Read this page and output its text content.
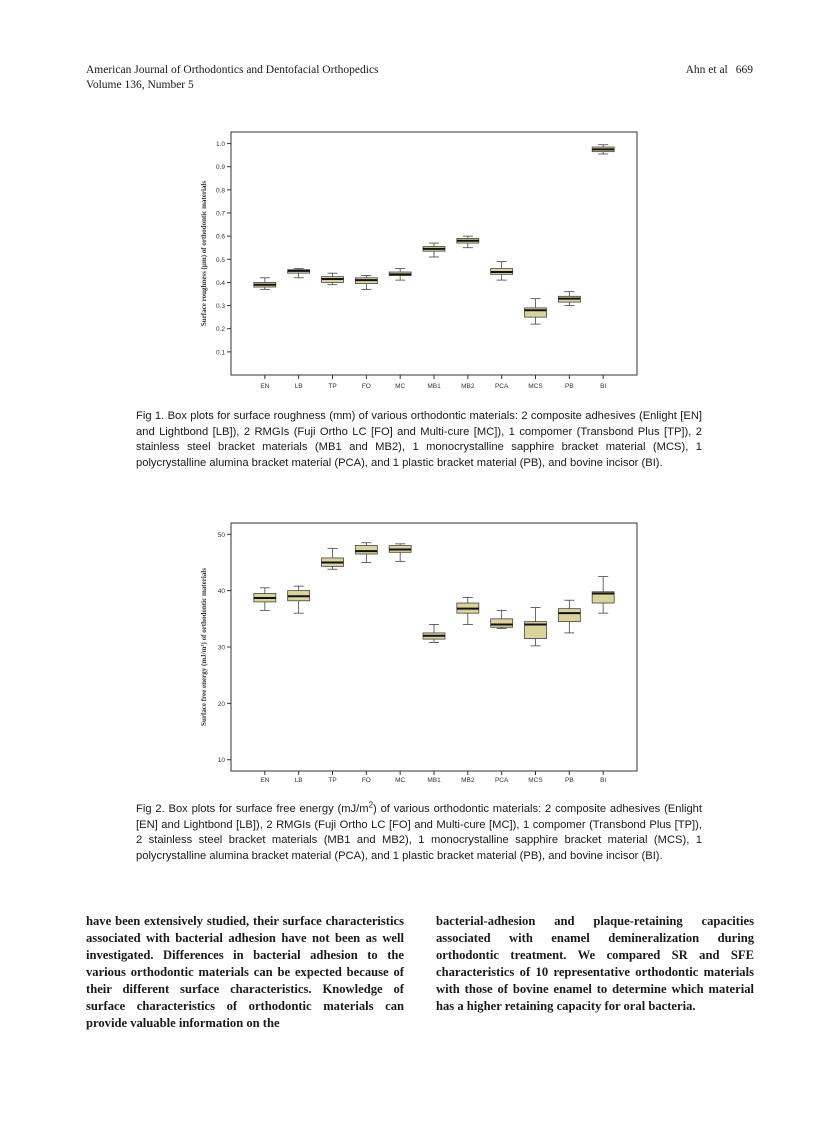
American Journal of Orthodontics and Dentofacial Orthopedics
Volume 136, Number 5
Ahn et al 669
0.1
0.2
0.3
0.4
0.5
0.6
0.7
0.8
0.9
1.0
Surface roughness (μm) of orthodontic materials
EN	LB	TP	FO	MC	MB1	MB2	PCA	MCS	PB	BI
Fig 1. Box plots for surface roughness (mm) of various orthodontic materials: 2 composite adhesives (Enlight [EN] and Lightbond [LB]), 2 RMGIs (Fuji Ortho LC [FO] and Multi-cure [MC]), 1 compomer (Transbond Plus [TP]), 2 stainless steel bracket materials (MB1 and MB2), 1 monocrystalline sapphire bracket material (MCS), 1 polycrystalline alumina bracket material (PCA), and 1 plastic bracket material (PB), and bovine incisor (BI).
10
20
30
40
50
Surface free energy (mJ/m²) of orthodontic materials
EN	LB	TP	FO	MC	MB1	MB2	PCA	MCS	PB	BI
Fig 2. Box plots for surface free energy $(mJ/m^2)$ of various orthodontic materials: 2 composite adhesives (Enlight [EN] and Lightbond [LB]), 2 RMGIs (Fuji Ortho LC [FO] and Multi-cure [MC]), 1 compomer (Transbond Plus [TP]), 2 stainless steel bracket materials (MB1 and MB2), 1 monocrystalline sapphire bracket material (MCS), 1 polycrystalline alumina bracket material (PCA), and 1 plastic bracket material (PB), and bovine incisor (BI).
have been extensively studied, their surface characteristics associated with bacterial adhesion have not been as well investigated. Differences in bacterial adhesion to the various orthodontic materials can be expected because of their different surface characteristics. Knowledge of surface characteristics of orthodontic materials can provide valuable information on the
bacterial-adhesion and plaque-retaining capacities associated with enamel demineralization during orthodontic treatment. We compared SR and SFE characteristics of 10 representative orthodontic materials with those of bovine enamel to determine which material has a higher retaining capacity for oral bacteria.
